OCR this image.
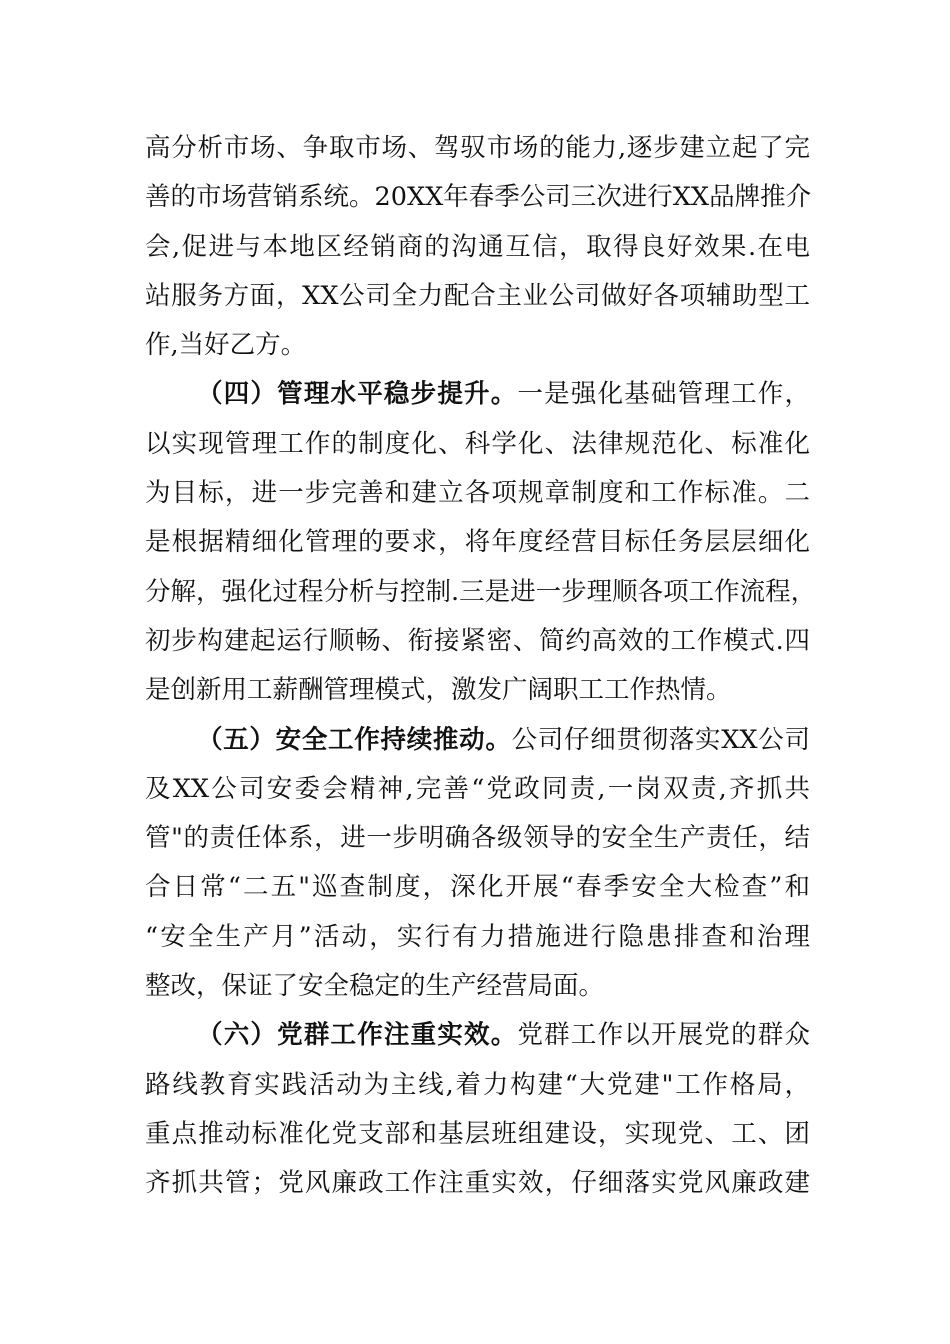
高分析市场、争取市场、驾驭市场的能力,逐步建立起了完
善的市场营销系统。20XX年春季公司三次进行XX品牌推介
会,促进与本地区经销商的沟通互信，取得良好效果.在电
站服务方面，XX公司全力配合主业公司做好各项辅助型工
作,当好乙方。
（四）管理水平稳步提升。一是强化基础管理工作，
以实现管理工作的制度化、科学化、法律规范化、标准化
为目标，进一步完善和建立各项规章制度和工作标准。二
是根据精细化管理的要求，将年度经营目标任务层层细化
分解，强化过程分析与控制.三是进一步理顺各项工作流程，
初步构建起运行顺畅、衔接紧密、简约高效的工作模式.四
是创新用工薪酬管理模式，激发广阔职工工作热情。
（五）安全工作持续推动。公司仔细贯彻落实XX公司
及XX公司安委会精神,完善“党政同责,一岗双责,齐抓共
管"的责任体系，进一步明确各级领导的安全生产责任，结
合日常“二五"巡查制度，深化开展“春季安全大检查”和
“安全生产月”活动，实行有力措施进行隐患排查和治理
整改，保证了安全稳定的生产经营局面。
（六）党群工作注重实效。党群工作以开展党的群众
路线教育实践活动为主线,着力构建“大党建"工作格局，
重点推动标准化党支部和基层班组建设，实现党、工、团
齐抓共管；党风廉政工作注重实效，仔细落实党风廉政建
